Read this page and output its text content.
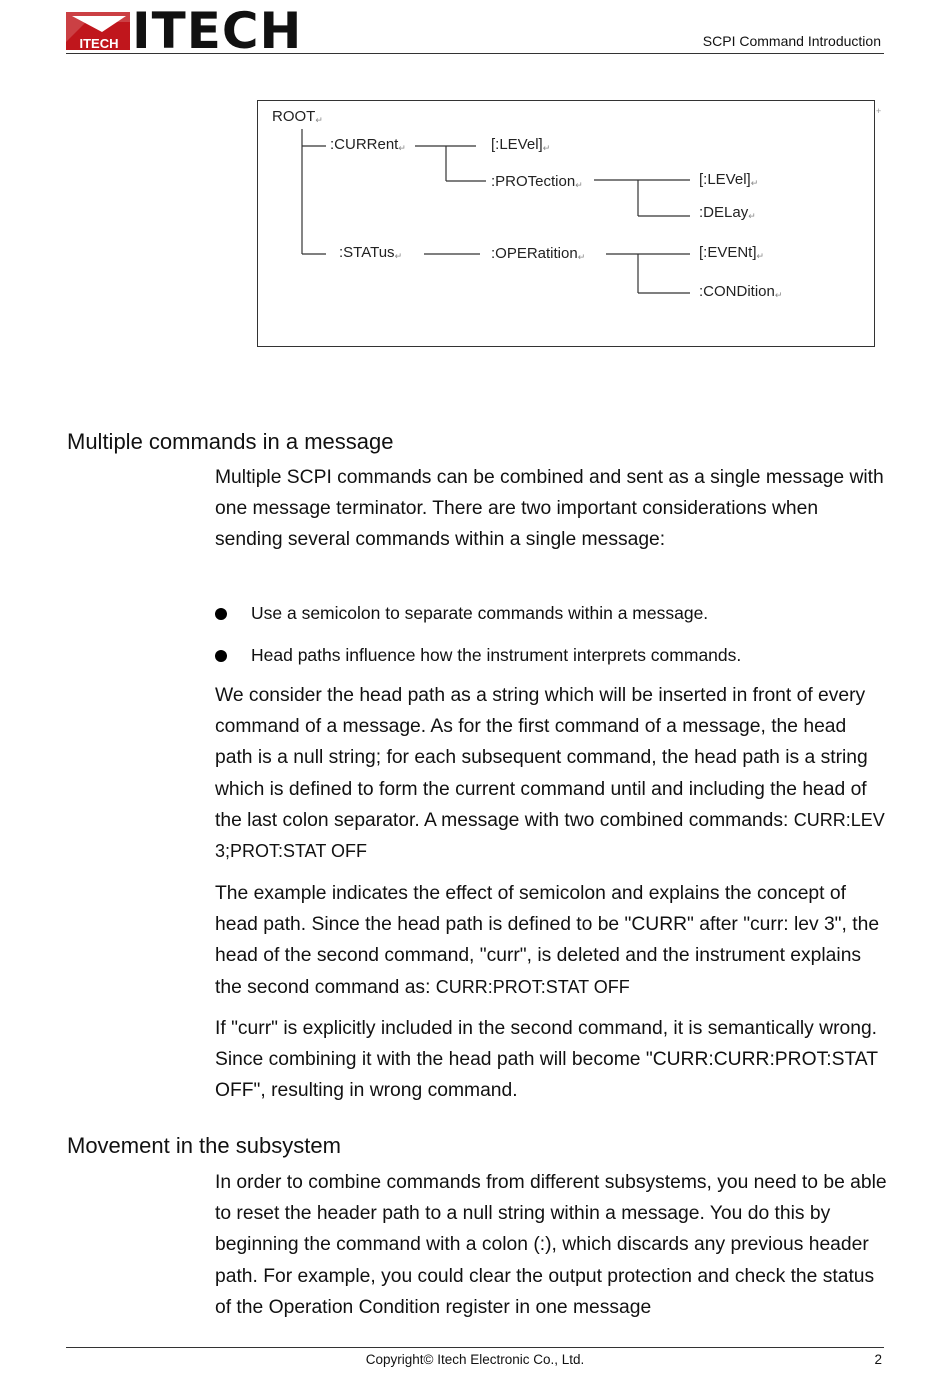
ITECH ITECH	SCPI Command Introduction
ROOT↵
:CURRent↵	[:LEVel]↵
:PROTection↵	[:LEVel]↵
:DELay↵
:STATus↵	:OPERatition↵	[:EVENt]↵
:CONDition↵
+
Multiple commands in a message
Multiple SCPI commands can be combined and sent as a single message with one message terminator. There are two important considerations when sending several commands within a single message:
Use a semicolon to separate commands within a message.
Head paths influence how the instrument interprets commands.
We consider the head path as a string which will be inserted in front of every command of a message. As for the first command of a message, the head path is a null string; for each subsequent command, the head path is a string which is defined to form the current command until and including the head of the last colon separator. A message with two combined commands: CURR:LEV 3;PROT:STAT OFF
The example indicates the effect of semicolon and explains the concept of head path. Since the head path is defined to be "CURR" after "curr: lev 3", the head of the second command, "curr", is deleted and the instrument explains the second command as: CURR:PROT:STAT OFF
If "curr" is explicitly included in the second command, it is semantically wrong. Since combining it with the head path will become "CURR:CURR:PROT:STAT OFF", resulting in wrong command.
Movement in the subsystem
In order to combine commands from different subsystems, you need to be able to reset the header path to a null string within a message. You do this by beginning the command with a colon (:), which discards any previous header path. For example, you could clear the output protection and check the status of the Operation Condition register in one message
Copyright© Itech Electronic Co., Ltd.	2
